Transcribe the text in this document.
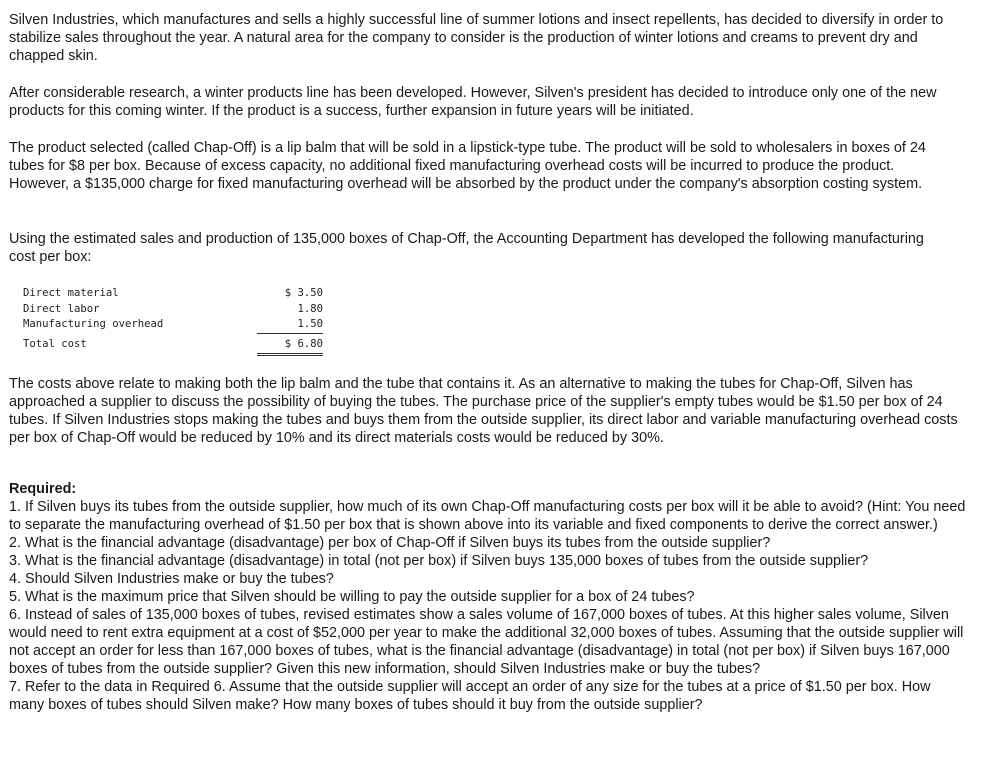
Silven Industries, which manufactures and sells a highly successful line of summer lotions and insect repellents, has decided to diversify in order to stabilize sales throughout the year. A natural area for the company to consider is the production of winter lotions and creams to prevent dry and chapped skin.

After considerable research, a winter products line has been developed. However, Silven's president has decided to introduce only one of the new products for this coming winter. If the product is a success, further expansion in future years will be initiated.

The product selected (called Chap-Off) is a lip balm that will be sold in a lipstick-type tube. The product will be sold to wholesalers in boxes of 24 tubes for $8 per box. Because of excess capacity, no additional fixed manufacturing overhead costs will be incurred to produce the product. However, a $135,000 charge for fixed manufacturing overhead will be absorbed by the product under the company's absorption costing system.

Using the estimated sales and production of 135,000 boxes of Chap-Off, the Accounting Department has developed the following manufacturing cost per box:

Direct material	$ 3.50
Direct labor	1.80
Manufacturing overhead	1.50
Total cost	$ 6.80

The costs above relate to making both the lip balm and the tube that contains it. As an alternative to making the tubes for Chap-Off, Silven has approached a supplier to discuss the possibility of buying the tubes. The purchase price of the supplier's empty tubes would be $1.50 per box of 24 tubes. If Silven Industries stops making the tubes and buys them from the outside supplier, its direct labor and variable manufacturing overhead costs per box of Chap-Off would be reduced by 10% and its direct materials costs would be reduced by 30%.

Required:

1. If Silven buys its tubes from the outside supplier, how much of its own Chap-Off manufacturing costs per box will it be able to avoid? (Hint: You need to separate the manufacturing overhead of $1.50 per box that is shown above into its variable and fixed components to derive the correct answer.)

2. What is the financial advantage (disadvantage) per box of Chap-Off if Silven buys its tubes from the outside supplier?

3. What is the financial advantage (disadvantage) in total (not per box) if Silven buys 135,000 boxes of tubes from the outside supplier?

4. Should Silven Industries make or buy the tubes?

5. What is the maximum price that Silven should be willing to pay the outside supplier for a box of 24 tubes?

6. Instead of sales of 135,000 boxes of tubes, revised estimates show a sales volume of 167,000 boxes of tubes. At this higher sales volume, Silven would need to rent extra equipment at a cost of $52,000 per year to make the additional 32,000 boxes of tubes. Assuming that the outside supplier will not accept an order for less than 167,000 boxes of tubes, what is the financial advantage (disadvantage) in total (not per box) if Silven buys 167,000 boxes of tubes from the outside supplier? Given this new information, should Silven Industries make or buy the tubes?

7. Refer to the data in Required 6. Assume that the outside supplier will accept an order of any size for the tubes at a price of $1.50 per box. How many boxes of tubes should Silven make? How many boxes of tubes should it buy from the outside supplier?
